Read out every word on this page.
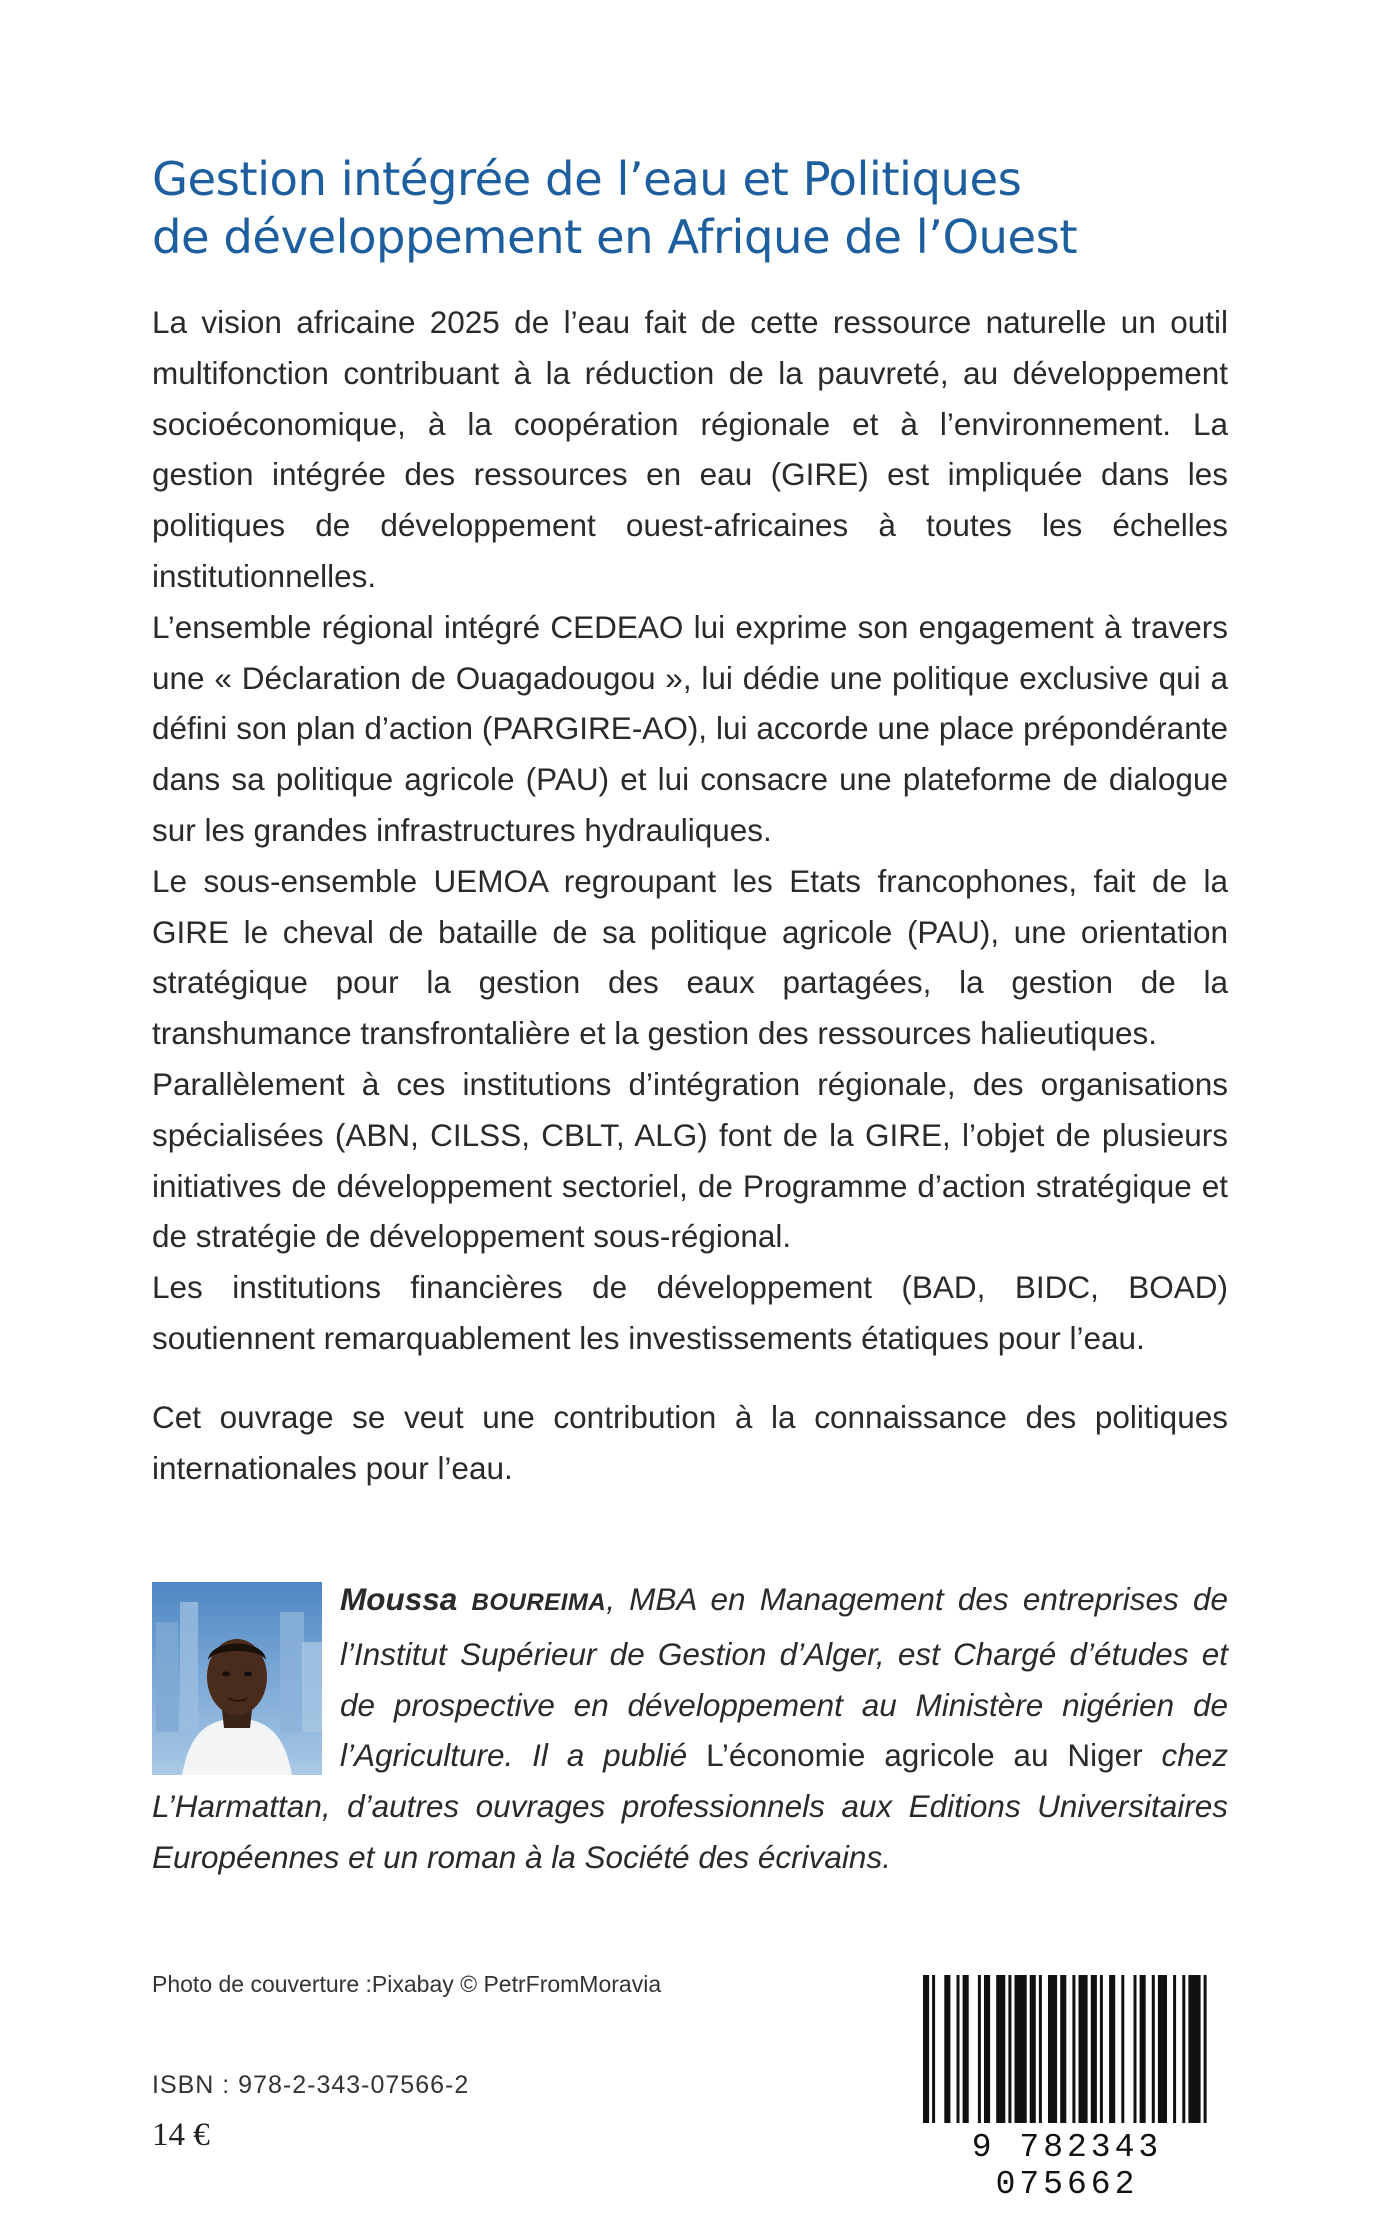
Gestion intégrée de l’eau et Politiques
de développement en Afrique de l’Ouest

La vision africaine 2025 de l’eau fait de cette ressource naturelle un outil multifonction contribuant à la réduction de la pauvreté, au développement socioéconomique, à la coopération régionale et à l’environnement. La gestion intégrée des ressources en eau (GIRE) est impliquée dans les politiques de développement ouest-africaines à toutes les échelles institutionnelles.

L’ensemble régional intégré CEDEAO lui exprime son engagement à travers une « Déclaration de Ouagadougou », lui dédie une politique exclusive qui a défini son plan d’action (PARGIRE-AO), lui accorde une place prépondérante dans sa politique agricole (PAU) et lui consacre une plateforme de dialogue sur les grandes infrastructures hydrauliques.

Le sous-ensemble UEMOA regroupant les Etats francophones, fait de la GIRE le cheval de bataille de sa politique agricole (PAU), une orientation stratégique pour la gestion des eaux partagées, la gestion de la transhumance transfrontalière et la gestion des ressources halieutiques.

Parallèlement à ces institutions d’intégration régionale, des organisations spécialisées (ABN, CILSS, CBLT, ALG) font de la GIRE, l’objet de plusieurs initiatives de développement sectoriel, de Programme d’action stratégique et de stratégie de développement sous-régional.

Les institutions financières de développement (BAD, BIDC, BOAD) soutiennent remarquablement les investissements étatiques pour l’eau.

Cet ouvrage se veut une contribution à la connaissance des politiques internationales pour l’eau.

Moussa BOUREIMA, MBA en Management des entreprises de l’Institut Supérieur de Gestion d’Alger, est Chargé d’études et de prospective en développement au Ministère nigérien de l’Agriculture. Il a publié L’économie agricole au Niger chez L’Harmattan, d’autres ouvrages professionnels aux Editions Universitaires Européennes et un roman à la Société des écrivains.
Photo de couverture :Pixabay © PetrFromMoravia
ISBN : 978-2-343-07566-2
14 €	9 782343 075662
